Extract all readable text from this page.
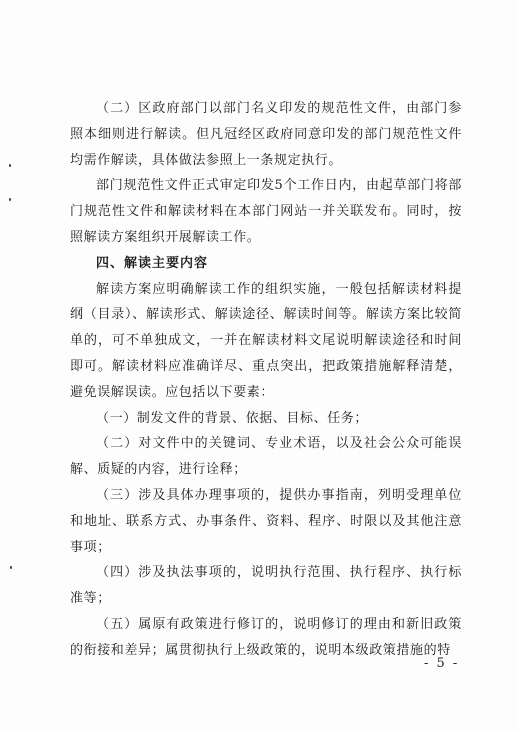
（二）区政府部门以部门名义印发的规范性文件，由部门参照本细则进行解读。但凡冠经区政府同意印发的部门规范性文件均需作解读，具体做法参照上一条规定执行。

部门规范性文件正式审定印发5个工作日内，由起草部门将部门规范性文件和解读材料在本部门网站一并关联发布。同时，按照解读方案组织开展解读工作。

四、解读主要内容

解读方案应明确解读工作的组织实施，一般包括解读材料提纲（目录）、解读形式、解读途径、解读时间等。解读方案比较简单的，可不单独成文，一并在解读材料文尾说明解读途径和时间即可。解读材料应准确详尽、重点突出，把政策措施解释清楚，避免误解误读。应包括以下要素：

（一）制发文件的背景、依据、目标、任务；

（二）对文件中的关键词、专业术语，以及社会公众可能误解、质疑的内容，进行诠释；

（三）涉及具体办理事项的，提供办事指南，列明受理单位和地址、联系方式、办事条件、资料、程序、时限以及其他注意事项；

（四）涉及执法事项的，说明执行范围、执行程序、执行标准等；

（五）属原有政策进行修订的，说明修订的理由和新旧政策的衔接和差异；属贯彻执行上级政策的，说明本级政策措施的特

- 5 -
